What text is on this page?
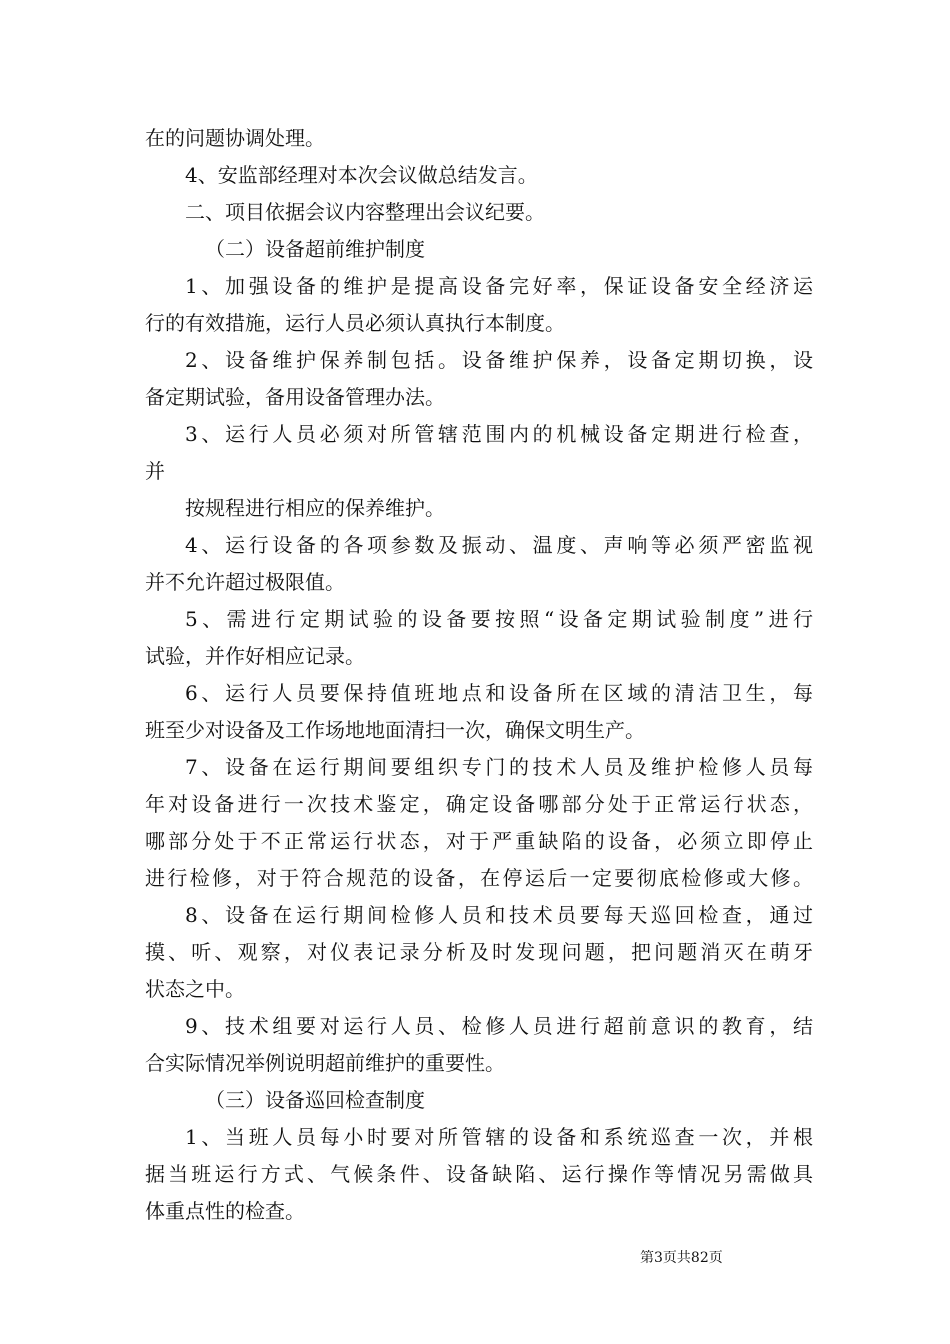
在的问题协调处理。
4、安监部经理对本次会议做总结发言。
二、项目依据会议内容整理出会议纪要。
（二）设备超前维护制度
1、加强设备的维护是提高设备完好率，保证设备安全经济运
行的有效措施，运行人员必须认真执行本制度。
2、设备维护保养制包括。设备维护保养，设备定期切换，设
备定期试验，备用设备管理办法。
3、运行人员必须对所管辖范围内的机械设备定期进行检查，
并
按规程进行相应的保养维护。
4、运行设备的各项参数及振动、温度、声响等必须严密监视
并不允许超过极限值。
5、需进行定期试验的设备要按照“设备定期试验制度”进行
试验，并作好相应记录。
6、运行人员要保持值班地点和设备所在区域的清洁卫生，每
班至少对设备及工作场地地面清扫一次，确保文明生产。
7、设备在运行期间要组织专门的技术人员及维护检修人员每
年对设备进行一次技术鉴定，确定设备哪部分处于正常运行状态，
哪部分处于不正常运行状态，对于严重缺陷的设备，必须立即停止
进行检修，对于符合规范的设备，在停运后一定要彻底检修或大修。
8、设备在运行期间检修人员和技术员要每天巡回检查，通过
摸、听、观察，对仪表记录分析及时发现问题，把问题消灭在萌牙
状态之中。
9、技术组要对运行人员、检修人员进行超前意识的教育，结
合实际情况举例说明超前维护的重要性。
（三）设备巡回检查制度
1、当班人员每小时要对所管辖的设备和系统巡查一次，并根
据当班运行方式、气候条件、设备缺陷、运行操作等情况另需做具
体重点性的检查。
第3页共82页
